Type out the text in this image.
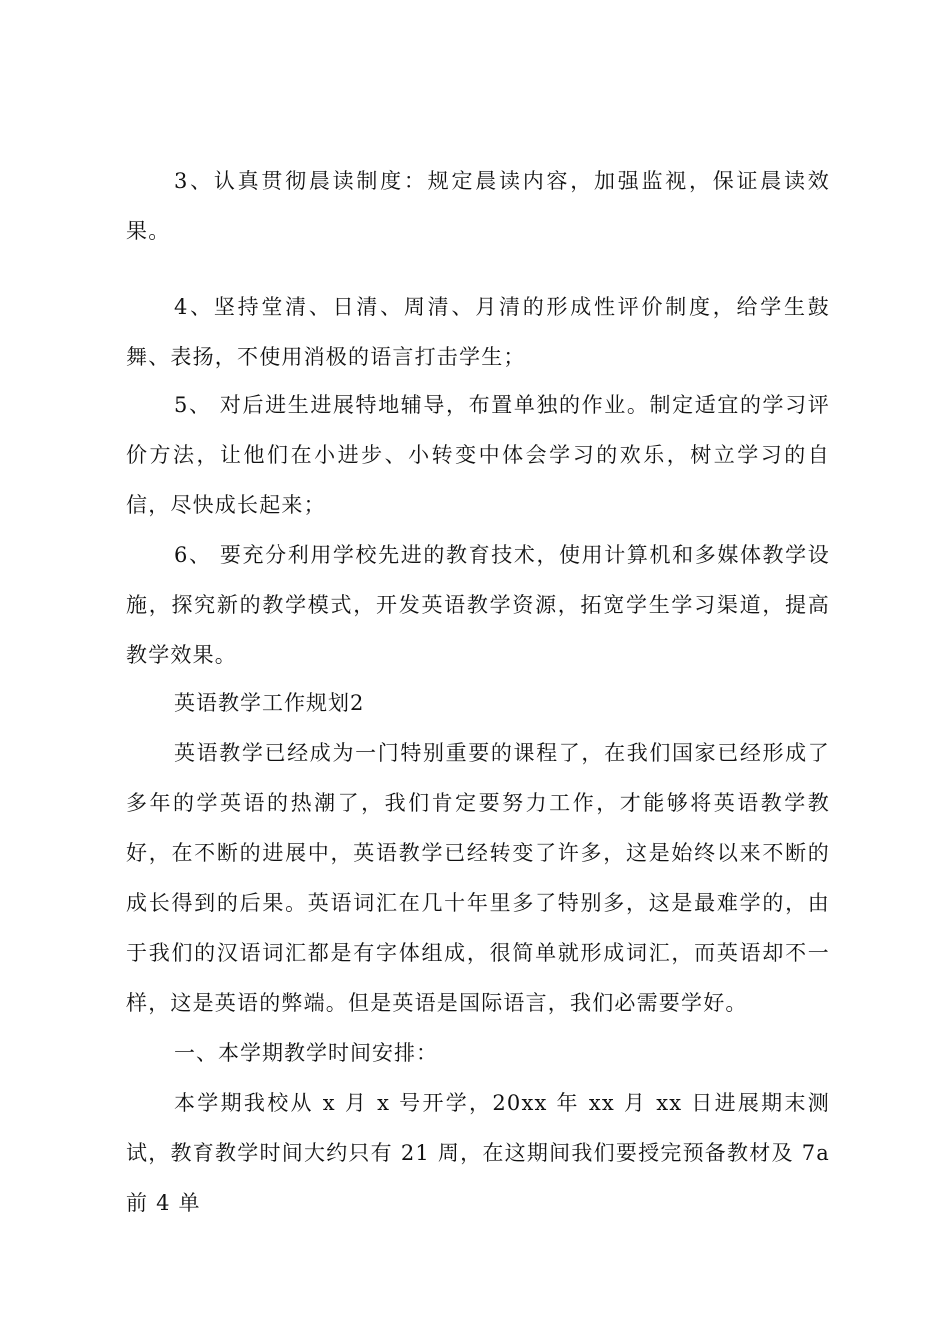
3、认真贯彻晨读制度：规定晨读内容，加强监视，保证晨读效果。

4、坚持堂清、日清、周清、月清的形成性评价制度，给学生鼓舞、表扬，不使用消极的语言打击学生；

5、 对后进生进展特地辅导，布置单独的作业。制定适宜的学习评价方法，让他们在小进步、小转变中体会学习的欢乐，树立学习的自信，尽快成长起来；

6、 要充分利用学校先进的教育技术，使用计算机和多媒体教学设施，探究新的教学模式，开发英语教学资源，拓宽学生学习渠道，提高教学效果。

英语教学工作规划2

英语教学已经成为一门特别重要的课程了，在我们国家已经形成了多年的学英语的热潮了，我们肯定要努力工作，才能够将英语教学教好，在不断的进展中，英语教学已经转变了许多，这是始终以来不断的成长得到的后果。英语词汇在几十年里多了特别多，这是最难学的，由于我们的汉语词汇都是有字体组成，很简单就形成词汇，而英语却不一样，这是英语的弊端。但是英语是国际语言，我们必需要学好。

一、本学期教学时间安排：

本学期我校从 x 月 x 号开学，20xx 年 xx 月 xx 日进展期末测试，教育教学时间大约只有 21 周，在这期间我们要授完预备教材及 7a 前 4 单
